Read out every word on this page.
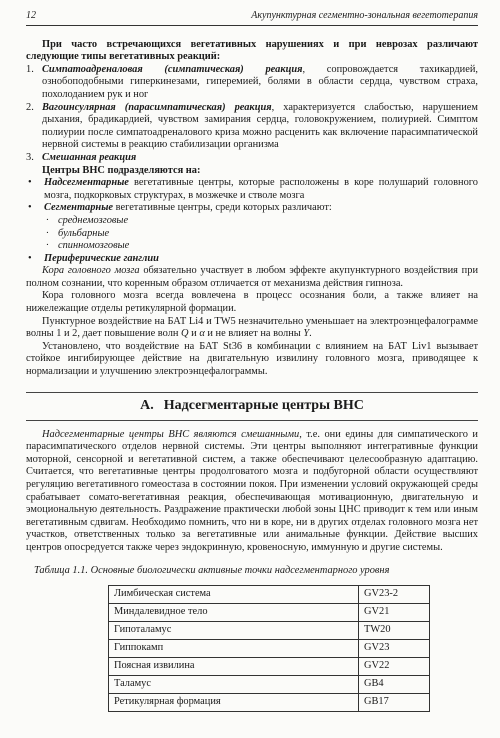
12	Акупунктурная сегментно-зональная вегетотерапия

При часто встречающихся вегетативных нарушениях и при неврозах различают следующие типы вегетативных реакций:

1. Симпатоадреналовая (симпатическая) реакция, сопровождается тахикардией, ознобоподобными гиперкинезами, гиперемией, болями в области сердца, чувством страха, похолоданием рук и ног
2. Вагоинсулярная (парасимпатическая) реакция, характеризуется слабостью, нарушением дыхания, брадикардией, чувством замирания сердца, головокружением, полиурией. Симптом полиурии после симпатоадреналового криза можно расценить как включение парасимпатической нервной системы в реакцию стабилизации организма
3. Смешанная реакция

Центры ВНС подразделяются на:

•	Надсегментарные вегетативные центры, которые расположены в коре полушарий головного мозга, подкорковых структурах, в мозжечке и стволе мозга
•	Сегментарные вегетативные центры, среди которых различают:
· среднемозговые
· бульбарные
· спинномозговые
•	Периферические ганглии

Кора головного мозга обязательно участвует в любом эффекте акупунктурного воздействия при полном сознании, что коренным образом отличается от механизма действия гипноза.

Кора головного мозга всегда вовлечена в процесс осознания боли, а также влияет на нижележащие отделы ретикулярной формации.

Пунктурное воздействие на БАТ Li4 и TW5 незначительно уменьшает на электроэнцефалограмме волны 1 и 2, дает повышение волн Q и α и не влияет на волны Y.

Установлено, что воздействие на БАТ St36 в комбинации с влиянием на БАТ Liv1 вызывает стойкое ингибирующее действие на двигательную извилину головного мозга, приводящее к нормализации и улучшению электроэнцефалограммы.

А. Надсегментарные центры ВНС

Надсегментарные центры ВНС являются смешанными, т.е. они едины для симпатического и парасимпатического отделов нервной системы. Эти центры выполняют интегративные функции моторной, сенсорной и вегетативной систем, а также обеспечивают целесообразную адаптацию. Считается, что вегетативные центры продолговатого мозга и подбугорной области осуществляют регуляцию вегетативного гомеостаза в состоянии покоя. При изменении условий окружающей среды срабатывает сомато-вегетативная реакция, обеспечивающая мотивационную, двигательную и эмоциональную деятельность. Раздражение практически любой зоны ЦНС приводит к тем или иным вегетативным сдвигам. Необходимо помнить, что ни в коре, ни в других отделах головного мозга нет участков, ответственных только за вегетативные или анимальные функции. Действие высших центров опосредуется также через эндокринную, кровеносную, иммунную и другие системы.

Таблица 1.1. Основные биологически активные точки надсегментарного уровня

Лимбическая система	GV23-2
Миндалевидное тело	GV21
Гипоталамус	TW20
Гиппокамп	GV23
Поясная извилина	GV22
Таламус	GB4
Ретикулярная формация	GB17
